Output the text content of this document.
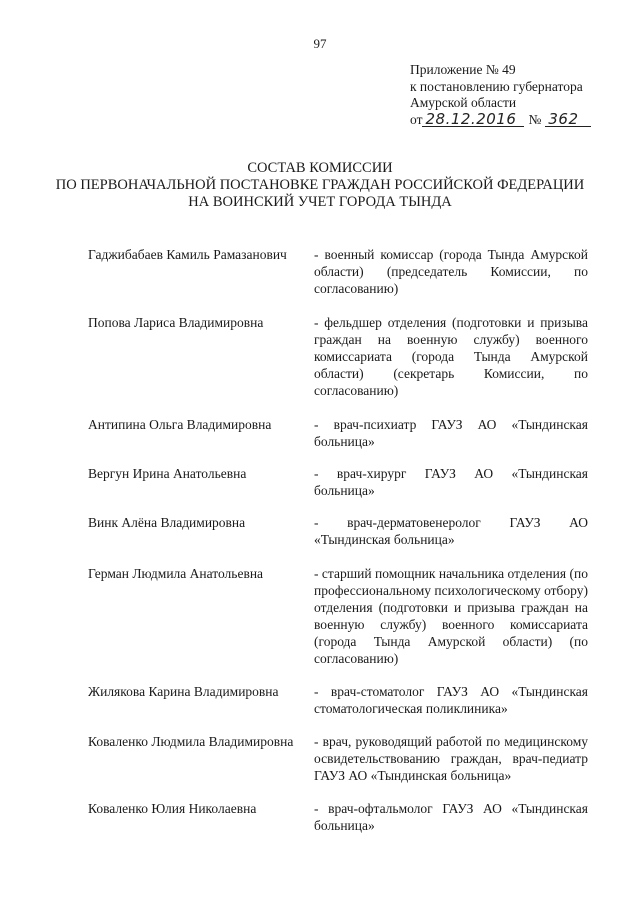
97
Приложение № 49
к постановлению губернатора
Амурской области
от 28.12.2016 № 362
СОСТАВ КОМИССИИ
ПО ПЕРВОНАЧАЛЬНОЙ ПОСТАНОВКЕ ГРАЖДАН РОССИЙСКОЙ ФЕДЕРАЦИИ
НА ВОИНСКИЙ УЧЕТ ГОРОДА ТЫНДА
Гаджибабаев Камиль Рамазанович	- военный комиссар (города Тында Амурской области) (председатель Комиссии, по согласованию)
Попова Лариса Владимировна	- фельдшер отделения (подготовки и призыва граждан на военную службу) военного комиссариата (города Тында Амурской области) (секретарь Комиссии, по согласованию)
Антипина Ольга Владимировна	- врач-психиатр ГАУЗ АО «Тындинская больница»
Вергун Ирина Анатольевна	- врач-хирург ГАУЗ АО «Тындинская больница»
Винк Алёна Владимировна	- врач-дерматовенеролог ГАУЗ АО «Тындинская больница»
Герман Людмила Анатольевна	- старший помощник начальника отделения (по профессиональному психологическому отбору) отделения (подготовки и призыва граждан на военную службу) военного комиссариата (города Тында Амурской области) (по согласованию)
Жилякова Карина Владимировна	- врач-стоматолог ГАУЗ АО «Тындинская стоматологическая поликлиника»
Коваленко Людмила Владимировна	- врач, руководящий работой по медицинскому освидетельствованию граждан, врач-педиатр ГАУЗ АО «Тындинская больница»
Коваленко Юлия Николаевна	- врач-офтальмолог ГАУЗ АО «Тындинская больница»
